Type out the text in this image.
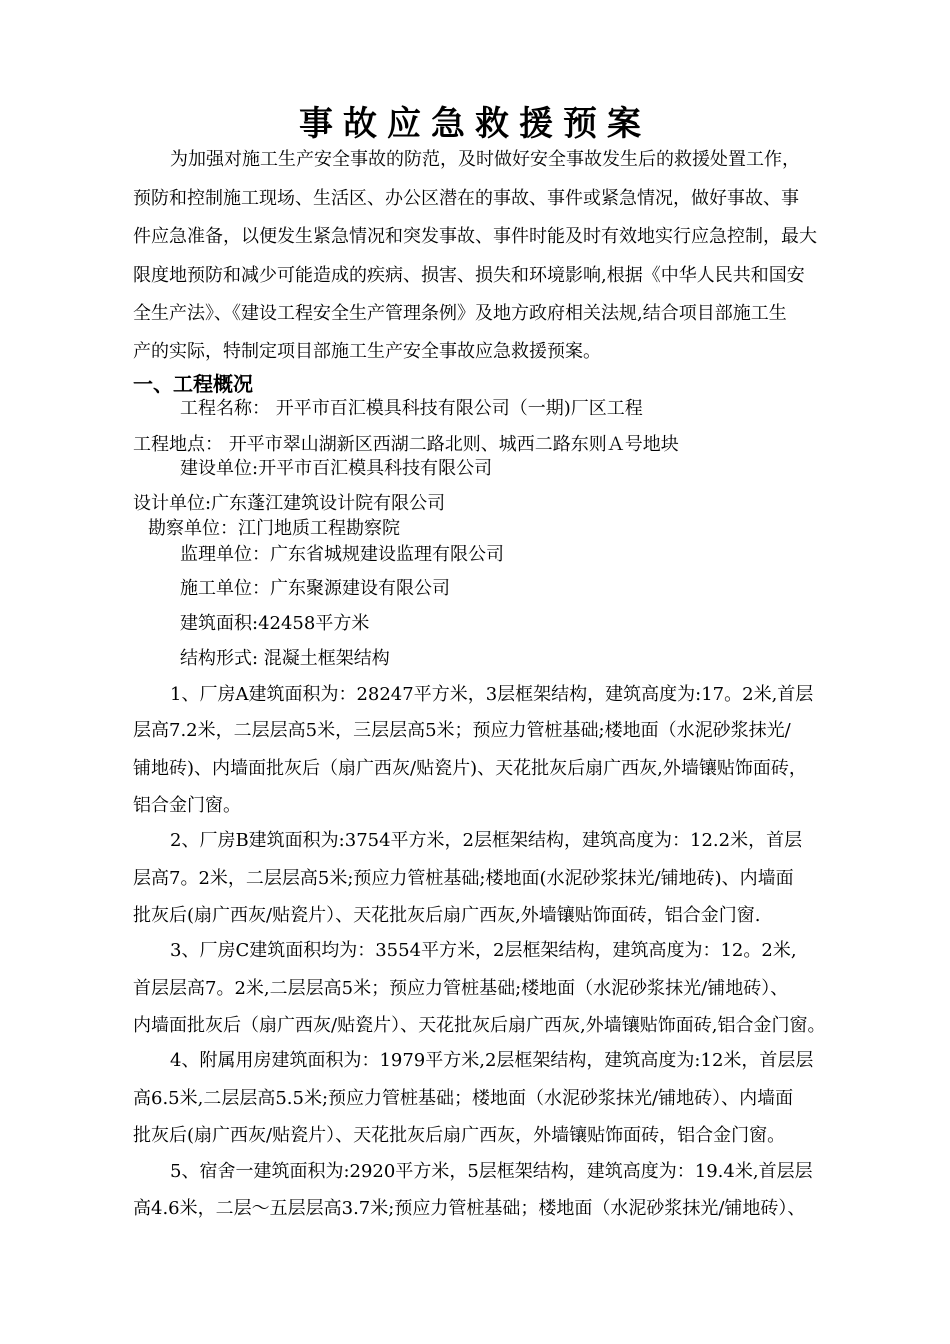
事故应急救援预案
为加强对施工生产安全事故的防范，及时做好安全事故发生后的救援处置工作，
预防和控制施工现场、生活区、办公区潜在的事故、事件或紧急情况，做好事故、事
件应急准备，以便发生紧急情况和突发事故、事件时能及时有效地实行应急控制，最大
限度地预防和减少可能造成的疾病、损害、损失和环境影响,根据《中华人民共和国安
全生产法》、《建设工程安全生产管理条例》及地方政府相关法规,结合项目部施工生
产的实际，特制定项目部施工生产安全事故应急救援预案。
一、工程概况
工程名称： 开平市百汇模具科技有限公司（一期)厂区工程
工程地点： 开平市翠山湖新区西湖二路北则、城西二路东则Ａ号地块
建设单位:开平市百汇模具科技有限公司
设计单位:广东蓬江建筑设计院有限公司
勘察单位：江门地质工程勘察院
监理单位：广东省城规建设监理有限公司
施工单位：广东聚源建设有限公司
建筑面积:42458平方米
结构形式: 混凝土框架结构
1、厂房A建筑面积为：28247平方米，3层框架结构，建筑高度为:17。2米,首层
层高7.2米，二层层高5米，三层层高5米；预应力管桩基础;楼地面（水泥砂浆抹光/
铺地砖)、内墙面批灰后（扇广西灰/贴瓷片)、天花批灰后扇广西灰,外墙镶贴饰面砖，
铝合金门窗。
2、厂房B建筑面积为:3754平方米，2层框架结构，建筑高度为：12.2米，首层
层高7。2米，二层层高5米;预应力管桩基础;楼地面(水泥砂浆抹光/铺地砖)、内墙面
批灰后(扇广西灰/贴瓷片）、天花批灰后扇广西灰,外墙镶贴饰面砖，铝合金门窗.
3、厂房C建筑面积均为：3554平方米，2层框架结构，建筑高度为：12。2米,
首层层高7。2米,二层层高5米；预应力管桩基础;楼地面（水泥砂浆抹光/铺地砖）、
内墙面批灰后（扇广西灰/贴瓷片）、天花批灰后扇广西灰,外墙镶贴饰面砖,铝合金门窗。
4、附属用房建筑面积为：1979平方米,2层框架结构，建筑高度为:12米，首层层
高6.5米,二层层高5.5米;预应力管桩基础；楼地面（水泥砂浆抹光/铺地砖）、内墙面
批灰后(扇广西灰/贴瓷片）、天花批灰后扇广西灰，外墙镶贴饰面砖，铝合金门窗。
5、宿舍一建筑面积为:2920平方米，5层框架结构，建筑高度为：19.4米,首层层
高4.6米，二层～五层层高3.7米;预应力管桩基础；楼地面（水泥砂浆抹光/铺地砖）、
